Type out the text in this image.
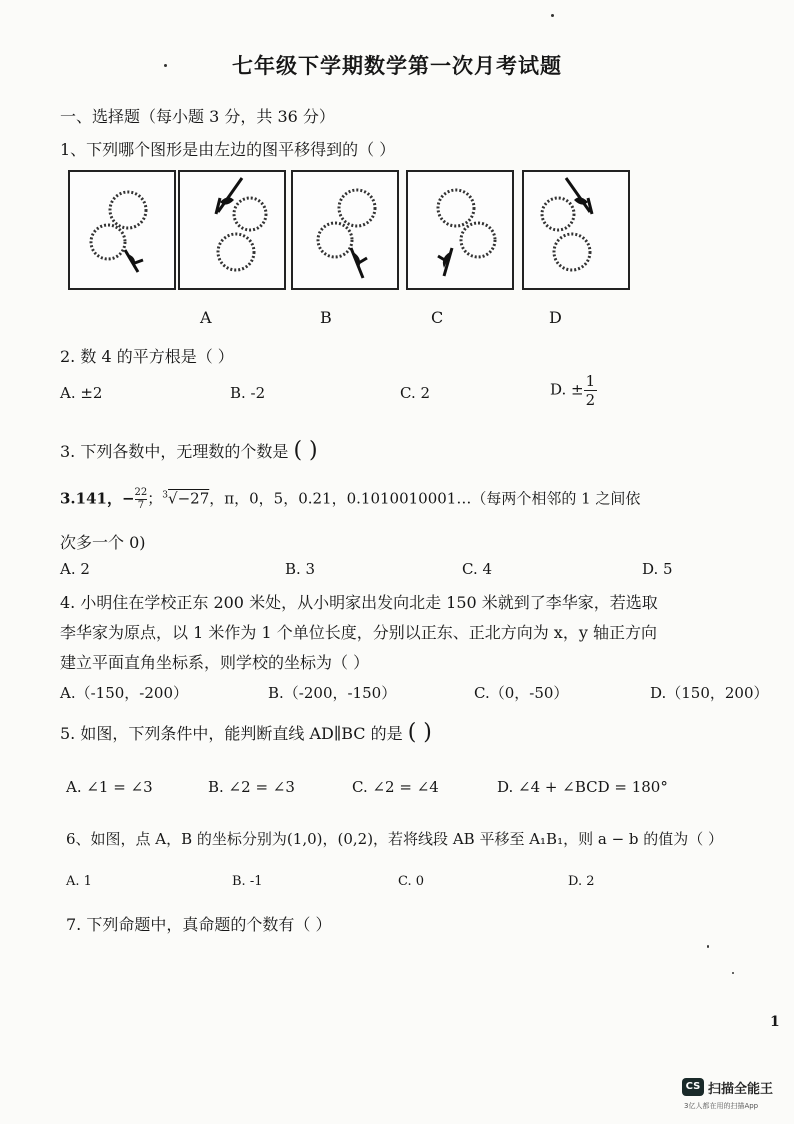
七年级下学期数学第一次月考试题
一、选择题（每小题 3 分，共 36 分）
1、下列哪个图形是由左边的图平移得到的（ ）
A	B	C	D
2. 数 4 的平方根是（ ）
A. ±2	B. -2	C. 2	D. ± $\frac{1}{2}$
3. 下列各数中，无理数的个数是 ( )
3.141，− $\frac{22}{7}$ ；$^3$√−27，π，0，5，0.21，0.1010010001…（每两个相邻的 1 之间依
次多一个 0)
A. 2	B. 3	C. 4	D. 5
4. 小明住在学校正东 200 米处，从小明家出发向北走 150 米就到了李华家，若选取
李华家为原点，以 1 米作为 1 个单位长度，分别以正东、正北方向为 x，y 轴正方向
建立平面直角坐标系，则学校的坐标为（ ）
A.（-150，-200）	B.（-200，-150）	C.（0，-50）	D.（150，200）
5. 如图，下列条件中，能判断直线 AD∥BC 的是 ( )
A. ∠1 = ∠3	B. ∠2 = ∠3	C. ∠2 = ∠4	D. ∠4 + ∠BCD = 180°
6、如图，点 A，B 的坐标分别为(1,0)，(0,2)，若将线段 AB 平移至 A₁B₁，则 a − b 的值为（ ）
A. 1	B. -1	C. 0	D. 2
7. 下列命题中，真命题的个数有（ ）
1
CS 扫描全能王
3亿人都在用的扫描App
